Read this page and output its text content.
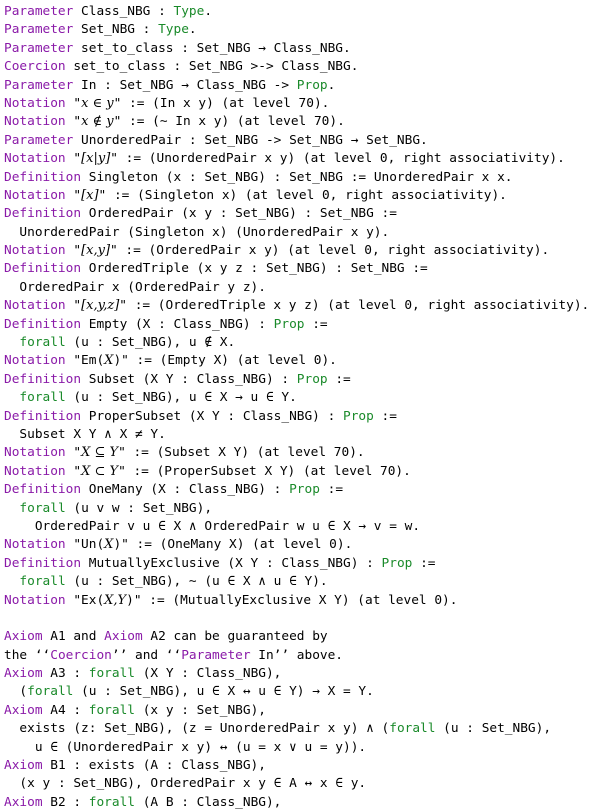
Parameter Class_NBG : Type.
Parameter Set_NBG : Type.
Parameter set_to_class : Set_NBG → Class_NBG.
Coercion set_to_class : Set_NBG >-> Class_NBG.
Parameter In : Set_NBG → Class_NBG -> Prop.
Notation "x ∈ y" := (In x y) (at level 70).
Notation "x ∉ y" := (∼ In x y) (at level 70).
Parameter UnorderedPair : Set_NBG -> Set_NBG → Set_NBG.
Notation "[x|y]" := (UnorderedPair x y) (at level 0, right associativity).
Definition Singleton (x : Set_NBG) : Set_NBG := UnorderedPair x x.
Notation "[x]" := (Singleton x) (at level 0, right associativity).
Definition OrderedPair (x y : Set_NBG) : Set_NBG :=
UnorderedPair (Singleton x) (UnorderedPair x y).
Notation "[x,y]" := (OrderedPair x y) (at level 0, right associativity).
Definition OrderedTriple (x y z : Set_NBG) : Set_NBG :=
OrderedPair x (OrderedPair y z).
Notation "[x,y,z]" := (OrderedTriple x y z) (at level 0, right associativity).
Definition Empty (X : Class_NBG) : Prop :=
forall (u : Set_NBG), u ∉ X.
Notation "Em(X)" := (Empty X) (at level 0).
Definition Subset (X Y : Class_NBG) : Prop :=
forall (u : Set_NBG), u ∈ X → u ∈ Y.
Definition ProperSubset (X Y : Class_NBG) : Prop :=
Subset X Y ∧ X ≠ Y.
Notation "X ⊆ Y" := (Subset X Y) (at level 70).
Notation "X ⊂ Y" := (ProperSubset X Y) (at level 70).
Definition OneMany (X : Class_NBG) : Prop :=
forall (u v w : Set_NBG),
OrderedPair v u ∈ X ∧ OrderedPair w u ∈ X → v = w.
Notation "Un(X)" := (OneMany X) (at level 0).
Definition MutuallyExclusive (X Y : Class_NBG) : Prop :=
forall (u : Set_NBG), ∼ (u ∈ X ∧ u ∈ Y).
Notation "Ex(X,Y)" := (MutuallyExclusive X Y) (at level 0).
Axiom A1 and Axiom A2 can be guaranteed by
the ‘‘Coercion’’ and ‘‘Parameter In’’ above.
Axiom A3 : forall (X Y : Class_NBG),
(forall (u : Set_NBG), u ∈ X ↔ u ∈ Y) → X = Y.
Axiom A4 : forall (x y : Set_NBG),
exists (z: Set_NBG), (z = UnorderedPair x y) ∧ (forall (u : Set_NBG),
u ∈ (UnorderedPair x y) ↔ (u = x ∨ u = y)).
Axiom B1 : exists (A : Class_NBG),
(x y : Set_NBG), OrderedPair x y ∈ A ↔ x ∈ y.
Axiom B2 : forall (A B : Class_NBG),
